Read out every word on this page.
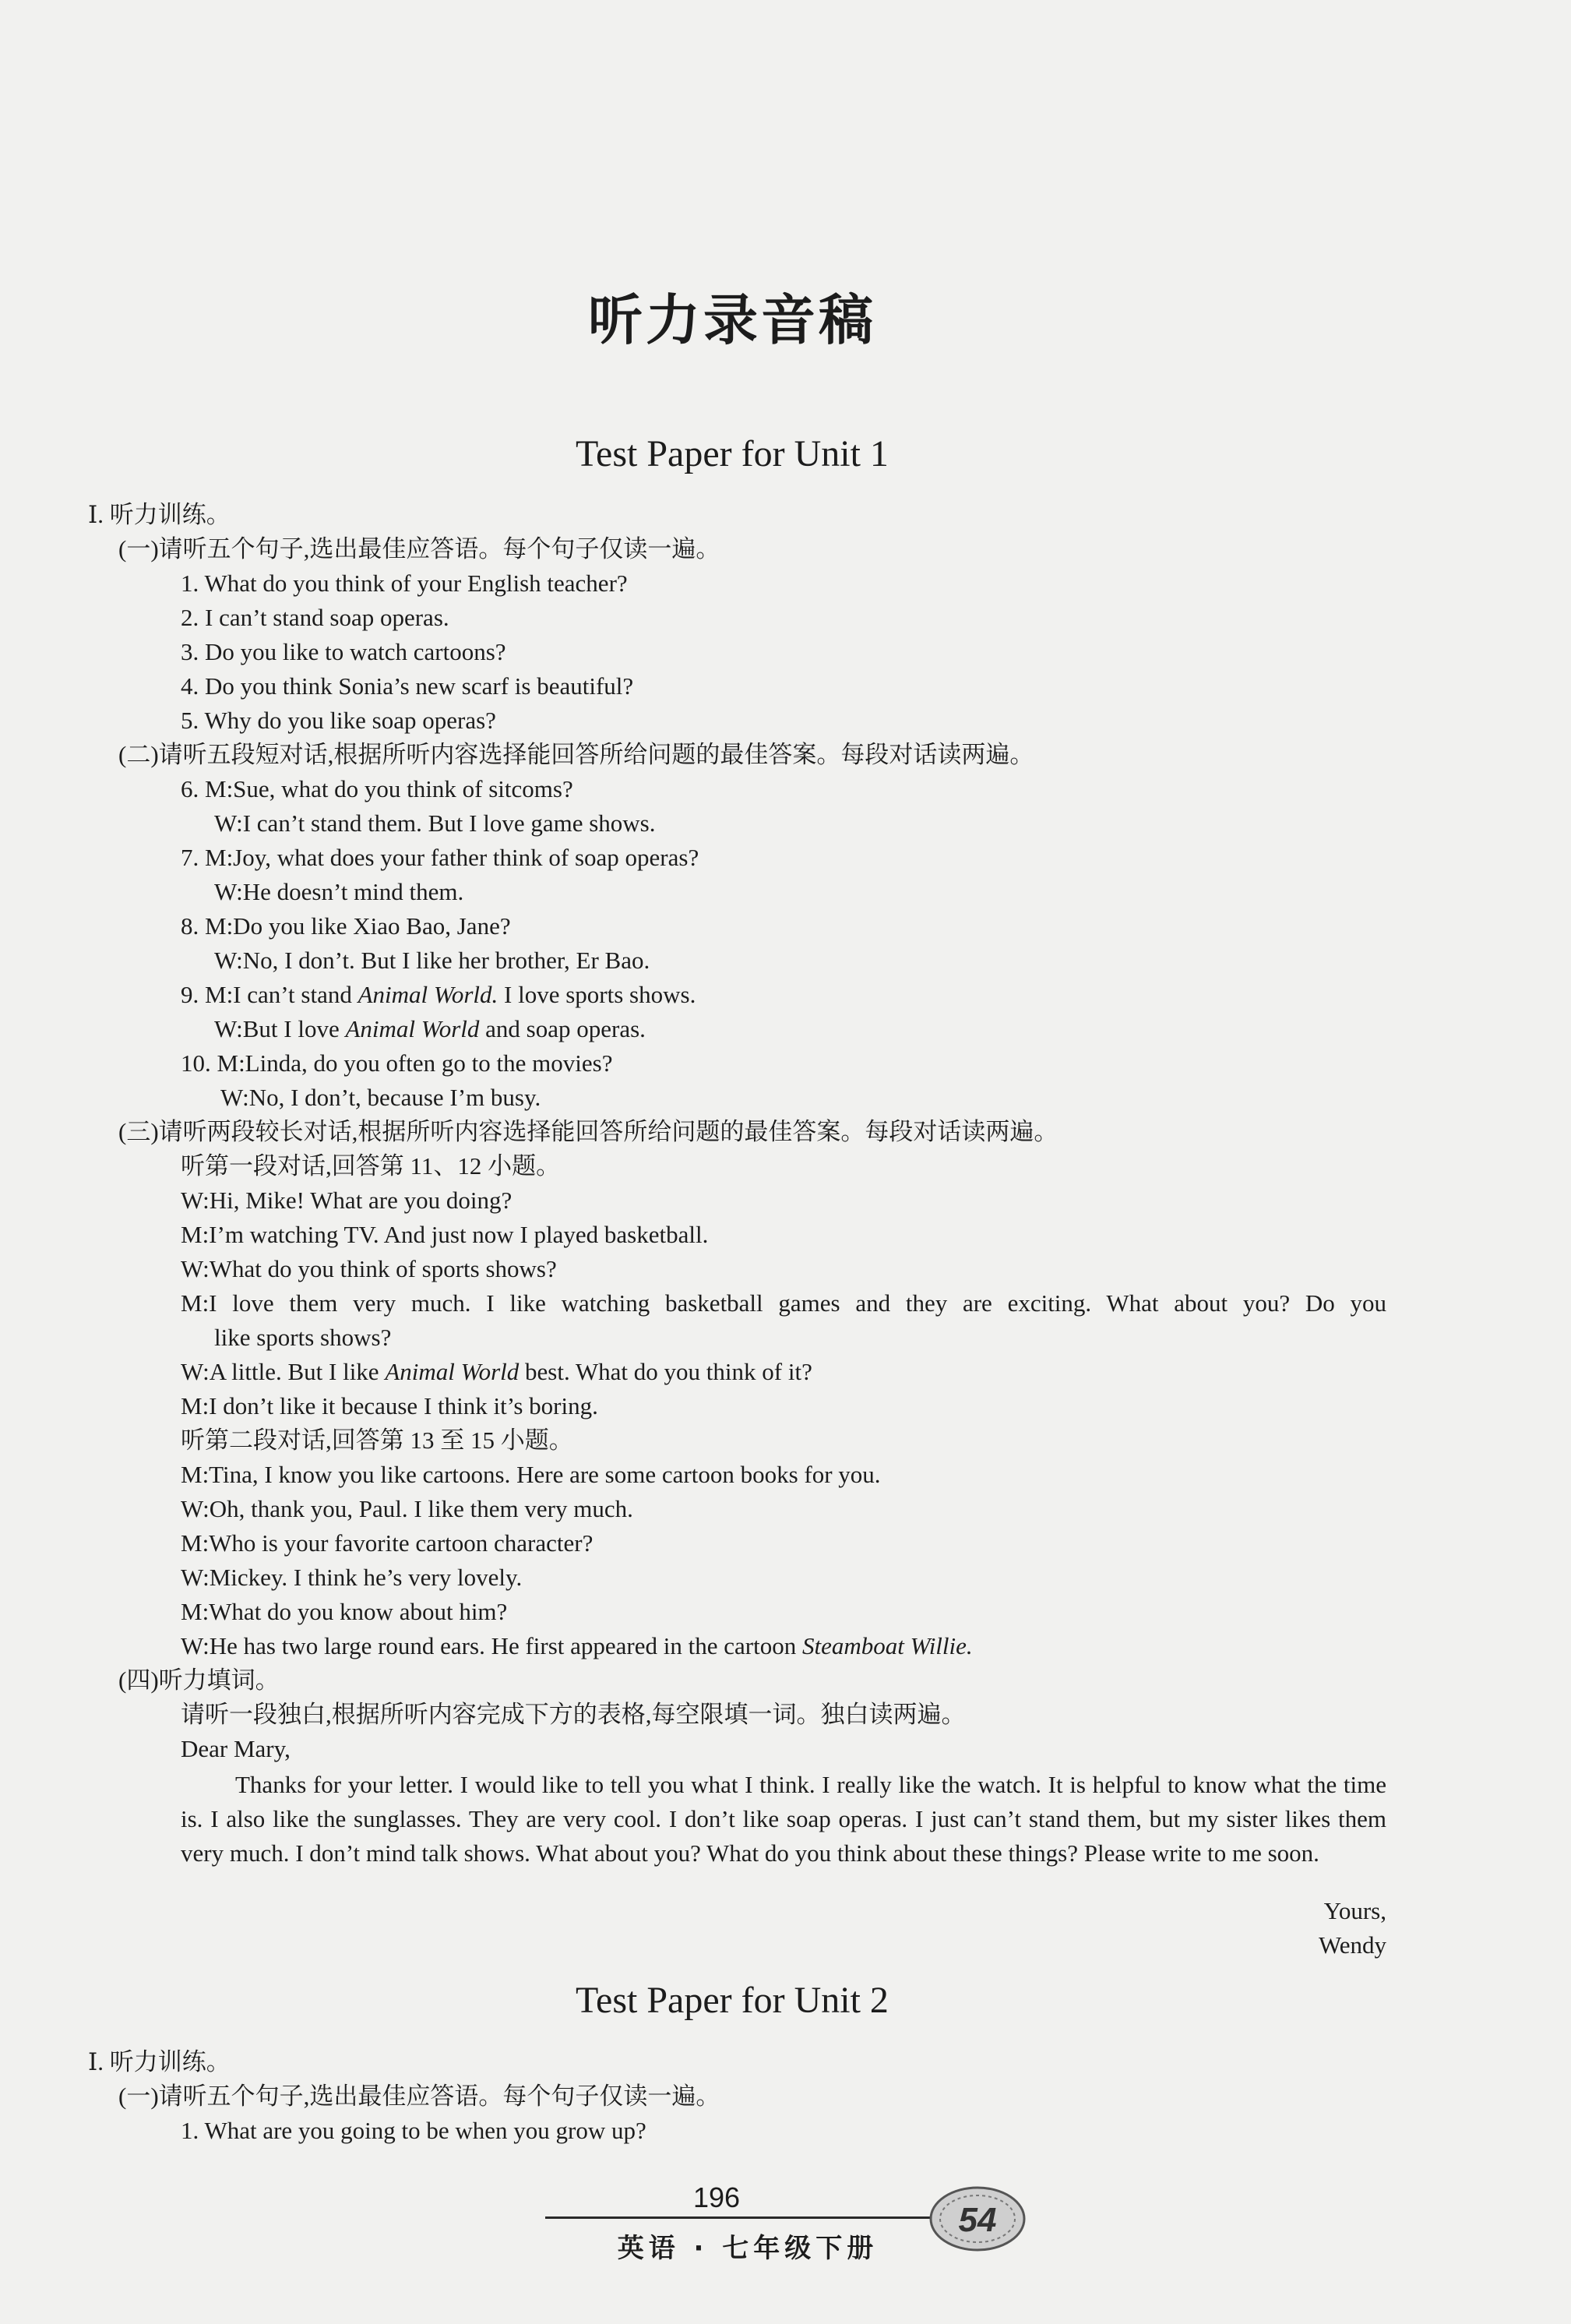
听力录音稿
Test Paper for Unit 1
Ⅰ. 听力训练。
(一)请听五个句子,选出最佳应答语。每个句子仅读一遍。
1. What do you think of your English teacher?
2. I can’t stand soap operas.
3. Do you like to watch cartoons?
4. Do you think Sonia’s new scarf is beautiful?
5. Why do you like soap operas?
(二)请听五段短对话,根据所听内容选择能回答所给问题的最佳答案。每段对话读两遍。
6. M:Sue, what do you think of sitcoms?
W:I can’t stand them. But I love game shows.
7. M:Joy, what does your father think of soap operas?
W:He doesn’t mind them.
8. M:Do you like Xiao Bao, Jane?
W:No, I don’t. But I like her brother, Er Bao.
9. M:I can’t stand Animal World. I love sports shows.
W:But I love Animal World and soap operas.
10. M:Linda, do you often go to the movies?
W:No, I don’t, because I’m busy.
(三)请听两段较长对话,根据所听内容选择能回答所给问题的最佳答案。每段对话读两遍。
听第一段对话,回答第 11、12 小题。
W:Hi, Mike! What are you doing?
M:I’m watching TV. And just now I played basketball.
W:What do you think of sports shows?
M:I love them very much. I like watching basketball games and they are exciting. What about you? Do you
like sports shows?
W:A little. But I like Animal World best. What do you think of it?
M:I don’t like it because I think it’s boring.
听第二段对话,回答第 13 至 15 小题。
M:Tina, I know you like cartoons. Here are some cartoon books for you.
W:Oh, thank you, Paul. I like them very much.
M:Who is your favorite cartoon character?
W:Mickey. I think he’s very lovely.
M:What do you know about him?
W:He has two large round ears. He first appeared in the cartoon Steamboat Willie.
(四)听力填词。
请听一段独白,根据所听内容完成下方的表格,每空限填一词。独白读两遍。
Dear Mary,
Thanks for your letter. I would like to tell you what I think. I really like the watch. It is helpful to know what the time is. I also like the sunglasses. They are very cool. I don’t like soap operas. I just can’t stand them, but my sister likes them very much. I don’t mind talk shows. What about you? What do you think about these things? Please write to me soon.
Yours,
Wendy
Test Paper for Unit 2
Ⅰ. 听力训练。
(一)请听五个句子,选出最佳应答语。每个句子仅读一遍。
1. What are you going to be when you grow up?
196
英语 · 七年级下册
54
